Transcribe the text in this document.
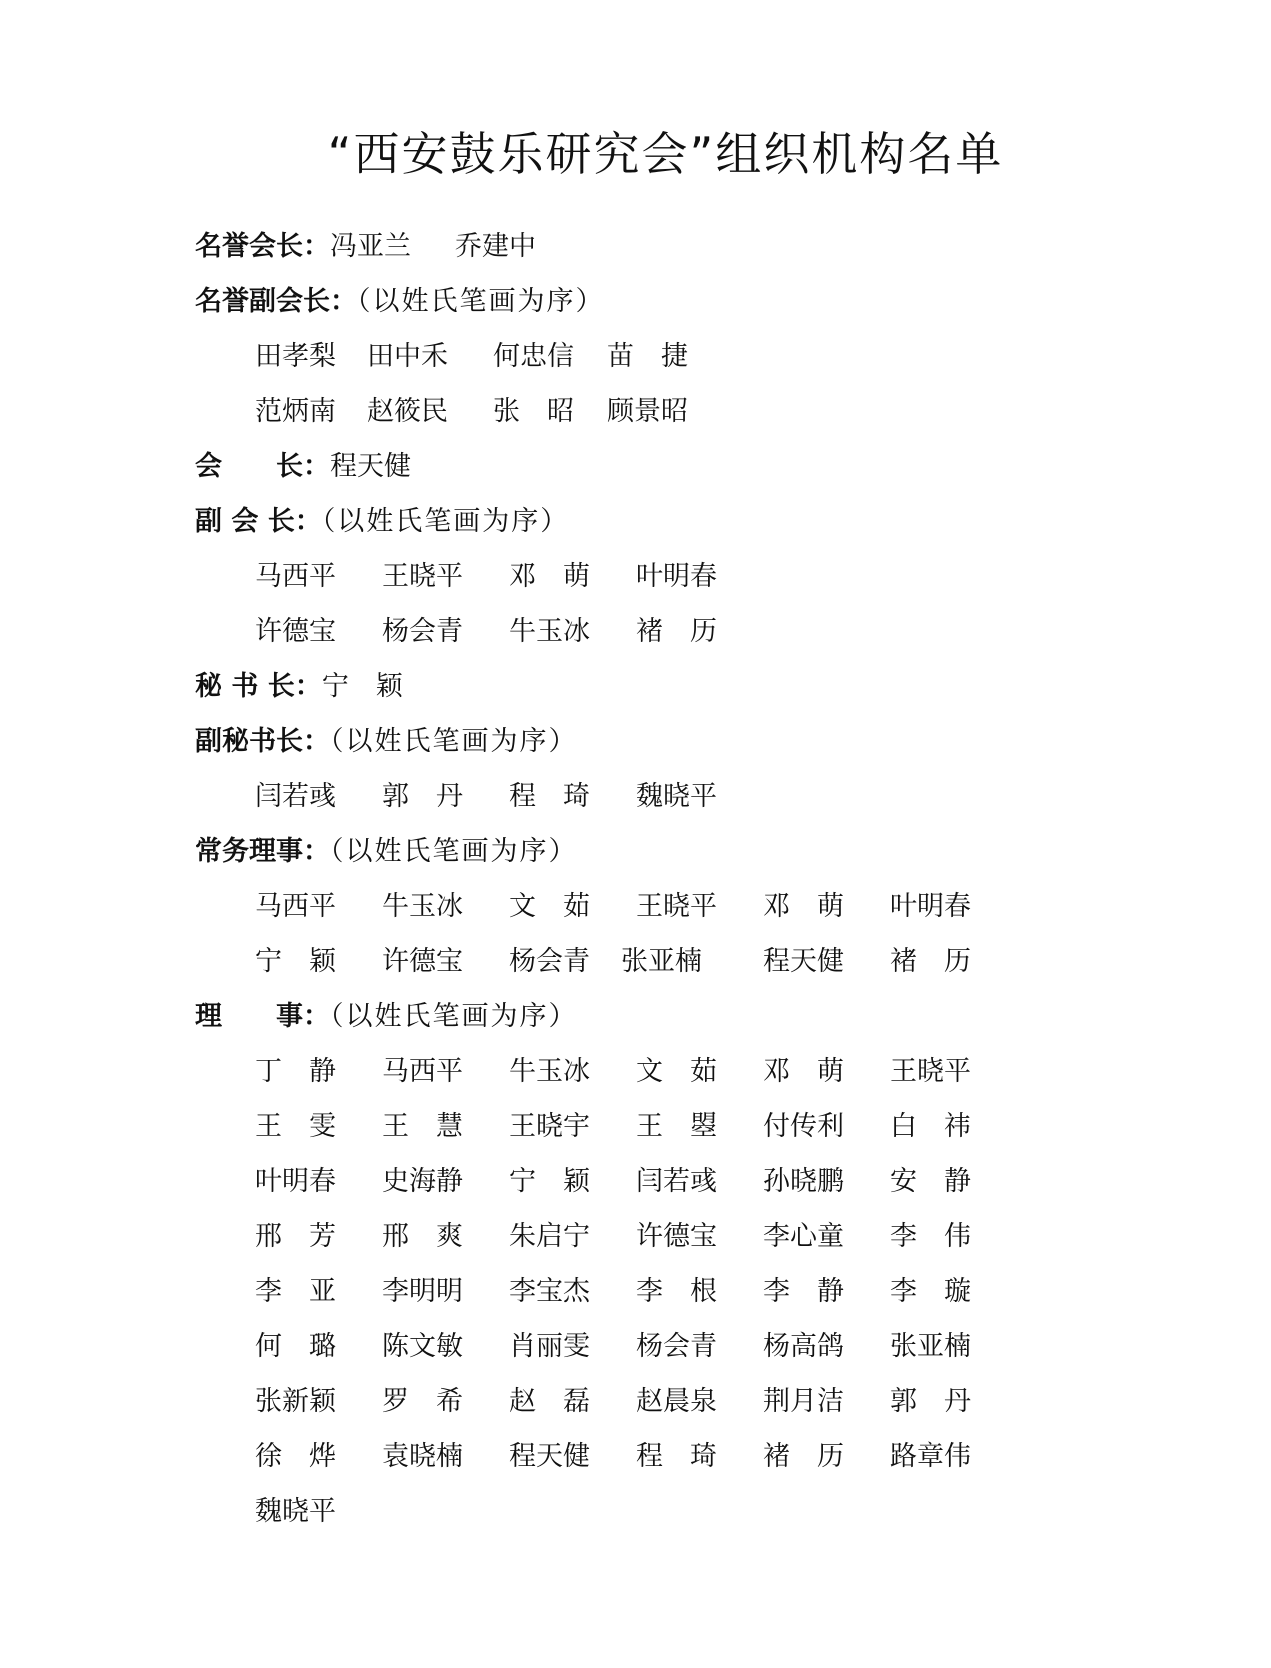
“西安鼓乐研究会”组织机构名单
名誉会长：冯亚兰 乔建中
名誉副会长：（以姓氏笔画为序）
田孝梨 田中禾 何忠信 苗　捷
范炳南 赵筱民 张　昭 顾景昭
会　　长：程天健
副 会 长：（以姓氏笔画为序）
马西平 王晓平 邓　萌 叶明春
许德宝 杨会青 牛玉冰 褚　历
秘 书 长：宁　颖
副秘书长：（以姓氏笔画为序）
闫若彧 郭　丹 程　琦 魏晓平
常务理事：（以姓氏笔画为序）
马西平 牛玉冰 文　茹 王晓平 邓　萌 叶明春
宁　颖 许德宝 杨会青 张亚楠 程天健 褚　历
理　　事：（以姓氏笔画为序）
丁　静 马西平 牛玉冰 文　茹 邓　萌 王晓平
王　雯 王　慧 王晓宇 王　曌 付传利 白　祎
叶明春 史海静 宁　颖 闫若彧 孙晓鹏 安　静
邢　芳 邢　爽 朱启宁 许德宝 李心童 李　伟
李　亚 李明明 李宝杰 李　根 李　静 李　璇
何　璐 陈文敏 肖丽雯 杨会青 杨高鸽 张亚楠
张新颖 罗　希 赵　磊 赵晨泉 荆月洁 郭　丹
徐　烨 袁晓楠 程天健 程　琦 褚　历 路章伟
魏晓平
